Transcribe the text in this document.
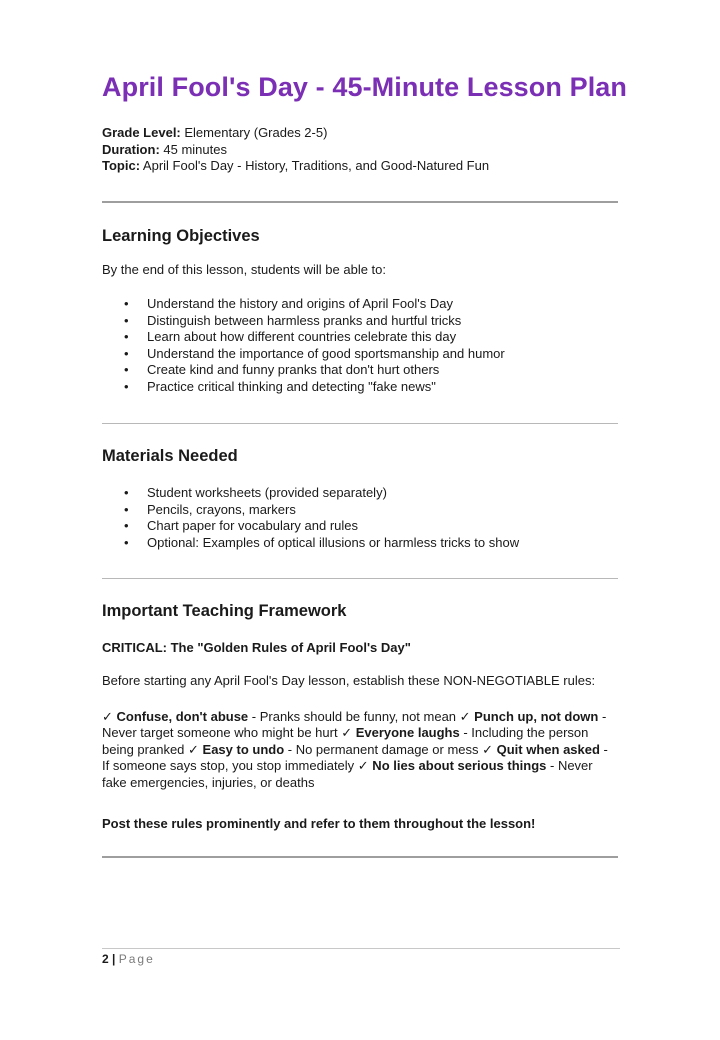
April Fool's Day - 45-Minute Lesson Plan
Grade Level: Elementary (Grades 2-5)
Duration: 45 minutes
Topic: April Fool's Day - History, Traditions, and Good-Natured Fun
Learning Objectives

By the end of this lesson, students will be able to:

• Understand the history and origins of April Fool's Day
• Distinguish between harmless pranks and hurtful tricks
• Learn about how different countries celebrate this day
• Understand the importance of good sportsmanship and humor
• Create kind and funny pranks that don't hurt others
• Practice critical thinking and detecting "fake news"
Materials Needed
• Student worksheets (provided separately)
• Pencils, crayons, markers
• Chart paper for vocabulary and rules
• Optional: Examples of optical illusions or harmless tricks to show
Important Teaching Framework

CRITICAL: The "Golden Rules of April Fool's Day"

Before starting any April Fool's Day lesson, establish these NON-NEGOTIABLE rules:

✓ Confuse, don't abuse - Pranks should be funny, not mean ✓ Punch up, not down -
Never target someone who might be hurt ✓ Everyone laughs - Including the person
being pranked ✓ Easy to undo - No permanent damage or mess ✓ Quit when asked -
If someone says stop, you stop immediately ✓ No lies about serious things - Never
fake emergencies, injuries, or deaths

Post these rules prominently and refer to them throughout the lesson!

2 | Page
